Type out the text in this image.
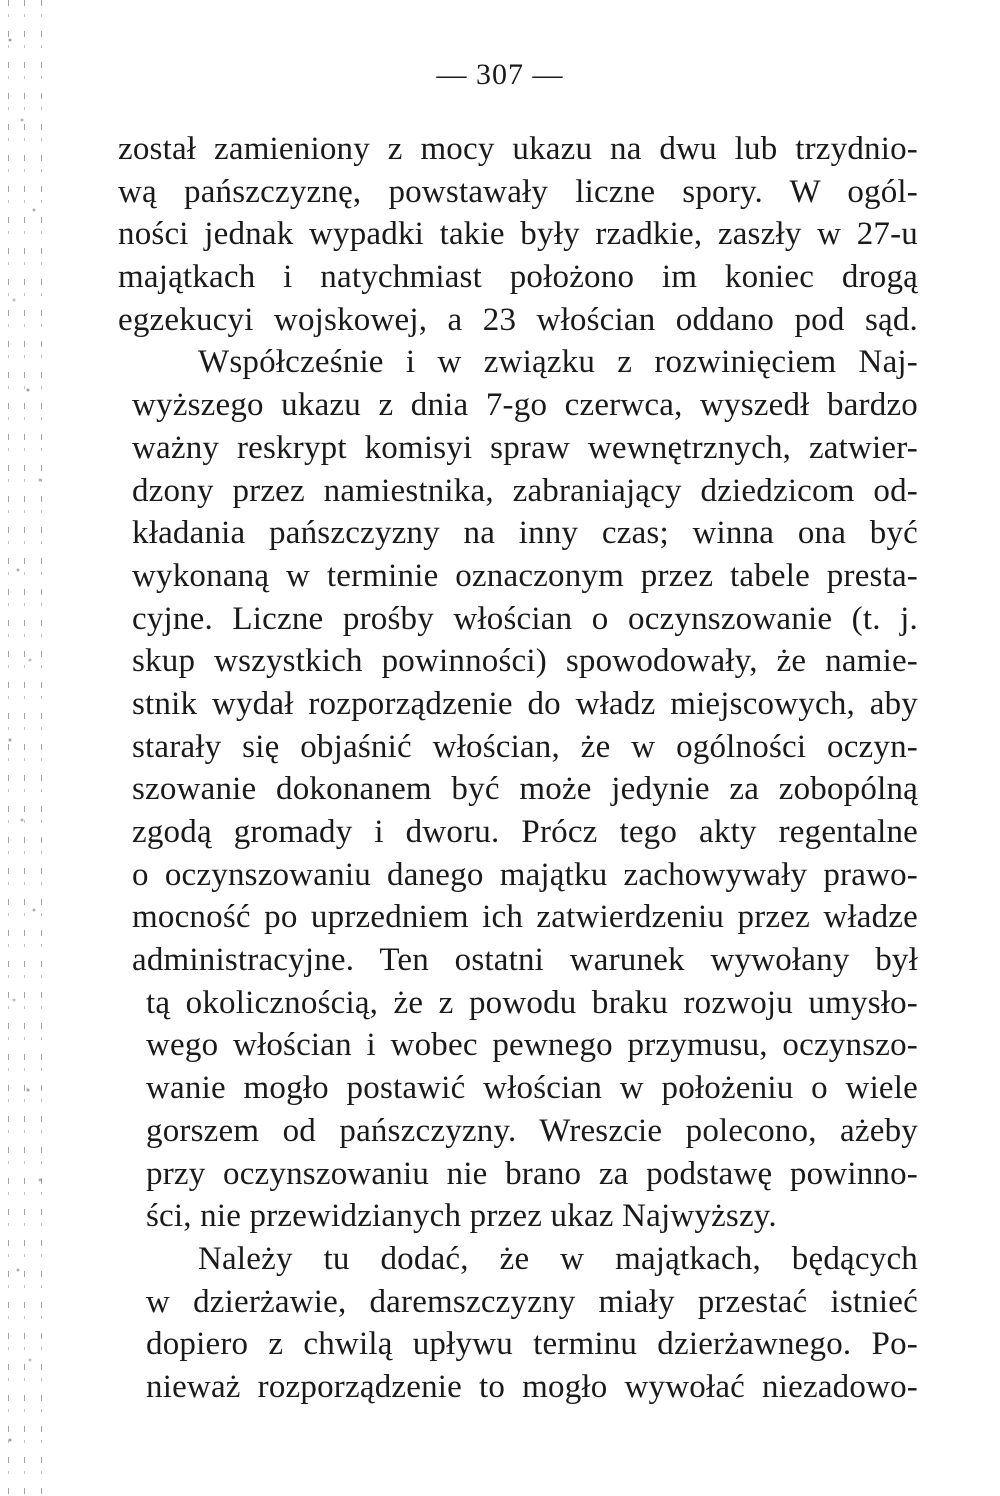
— 307 —
został zamieniony z mocy ukazu na dwu lub trzydnio-
wą pańszczyznę, powstawały liczne spory. W ogól-
ności jednak wypadki takie były rzadkie, zaszły w 27-u
majątkach i natychmiast położono im koniec drogą
egzekucyi wojskowej, a 23 włościan oddano pod sąd.
Współcześnie i w związku z rozwinięciem Naj-
wyższego ukazu z dnia 7-go czerwca, wyszedł bardzo
ważny reskrypt komisyi spraw wewnętrznych, zatwier-
dzony przez namiestnika, zabraniający dziedzicom od-
kładania pańszczyzny na inny czas; winna ona być
wykonaną w terminie oznaczonym przez tabele presta-
cyjne. Liczne prośby włościan o oczynszowanie (t. j.
skup wszystkich powinności) spowodowały, że namie-
stnik wydał rozporządzenie do władz miejscowych, aby
starały się objaśnić włościan, że w ogólności oczyn-
szowanie dokonanem być może jedynie za zobopólną
zgodą gromady i dworu. Prócz tego akty regentalne
o oczynszowaniu danego majątku zachowywały prawo-
mocność po uprzedniem ich zatwierdzeniu przez władze
administracyjne. Ten ostatni warunek wywołany był
tą okolicznością, że z powodu braku rozwoju umysło-
wego włościan i wobec pewnego przymusu, oczynszo-
wanie mogło postawić włościan w położeniu o wiele
gorszem od pańszczyzny. Wreszcie polecono, ażeby
przy oczynszowaniu nie brano za podstawę powinno-
ści, nie przewidzianych przez ukaz Najwyższy.
Należy tu dodać, że w majątkach, będących
w dzierżawie, daremszczyzny miały przestać istnieć
dopiero z chwilą upływu terminu dzierżawnego. Po-
nieważ rozporządzenie to mogło wywołać niezadowo-
